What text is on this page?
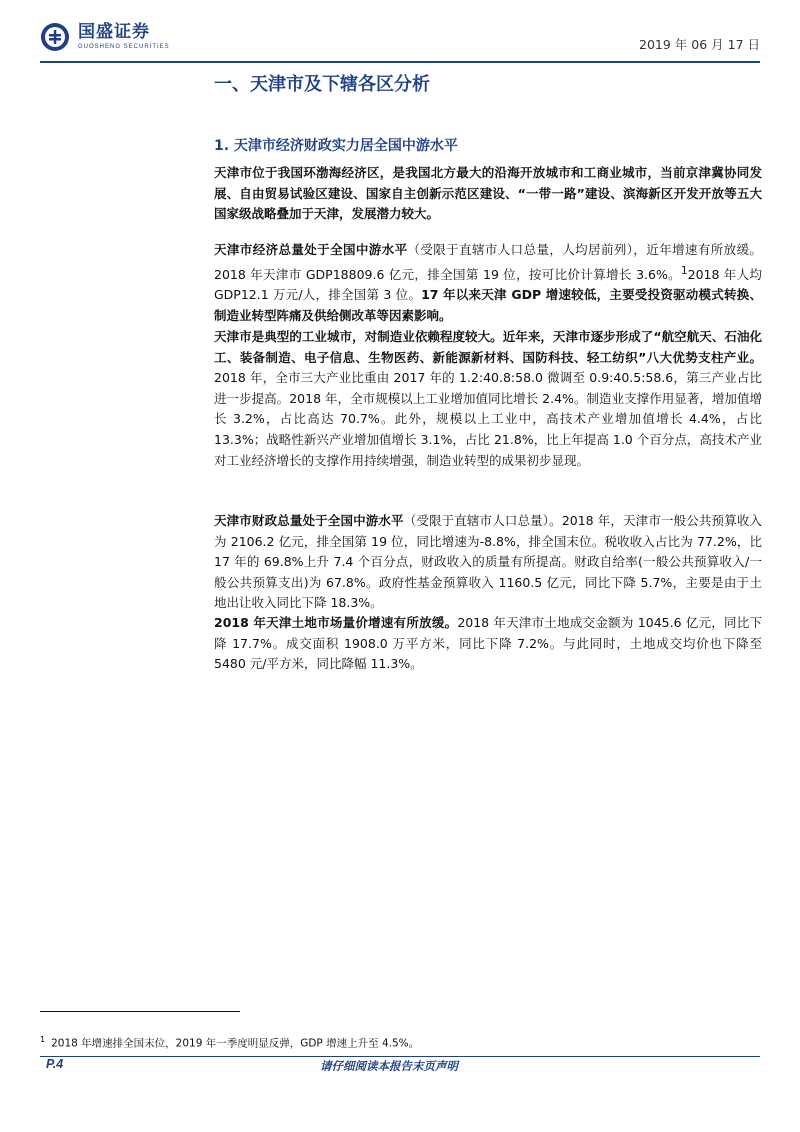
国盛证券
GUOSHENG SECURITIES	2019 年 06 月 17 日
一、天津市及下辖各区分析
1. 天津市经济财政实力居全国中游水平
天津市位于我国环渤海经济区，是我国北方最大的沿海开放城市和工商业城市，当前京津冀协同发展、自由贸易试验区建设、国家自主创新示范区建设、“一带一路”建设、滨海新区开发开放等五大国家级战略叠加于天津，发展潜力较大。
天津市经济总量处于全国中游水平（受限于直辖市人口总量，人均居前列），近年增速有所放缓。2018 年天津市 GDP18809.6 亿元，排全国第 19 位，按可比价计算增长 3.6%。$^1$2018 年人均 GDP12.1 万元/人，排全国第 3 位。17 年以来天津 GDP 增速较低，主要受投资驱动模式转换、制造业转型阵痛及供给侧改革等因素影响。
天津市是典型的工业城市，对制造业依赖程度较大。近年来，天津市逐步形成了“航空航天、石油化工、装备制造、电子信息、生物医药、新能源新材料、国防科技、轻工纺织”八大优势支柱产业。2018 年，全市三大产业比重由 2017 年的 1.2:40.8:58.0 微调至 0.9:40.5:58.6，第三产业占比进一步提高。2018 年，全市规模以上工业增加值同比增长 2.4%。制造业支撑作用显著，增加值增长 3.2%，占比高达 70.7%。此外，规模以上工业中，高技术产业增加值增长 4.4%，占比 13.3%；战略性新兴产业增加值增长 3.1%，占比 21.8%，比上年提高 1.0 个百分点，高技术产业对工业经济增长的支撑作用持续增强，制造业转型的成果初步显现。
天津市财政总量处于全国中游水平（受限于直辖市人口总量）。2018 年，天津市一般公共预算收入为 2106.2 亿元，排全国第 19 位，同比增速为-8.8%，排全国末位。税收收入占比为 77.2%，比 17 年的 69.8%上升 7.4 个百分点，财政收入的质量有所提高。财政自给率(一般公共预算收入/一般公共预算支出)为 67.8%。政府性基金预算收入 1160.5 亿元，同比下降 5.7%，主要是由于土地出让收入同比下降 18.3%。
2018 年天津土地市场量价增速有所放缓。2018 年天津市土地成交金额为 1045.6 亿元，同比下降 17.7%。成交面积 1908.0 万平方米，同比下降 7.2%。与此同时，土地成交均价也下降至 5480 元/平方米，同比降幅 11.3%。
$^1$ 2018 年增速排全国末位，2019 年一季度明显反弹，GDP 增速上升至 4.5%。
P.4	请仔细阅读本报告末页声明
